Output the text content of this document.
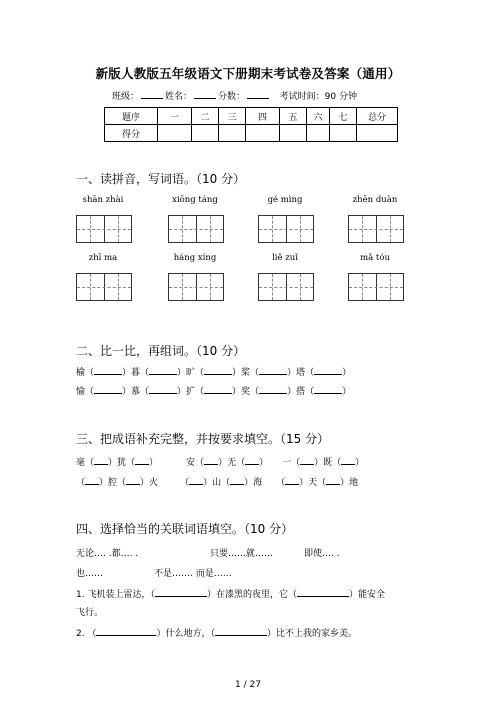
新版人教版五年级语文下册期末考试卷及答案（通用）
班级：	姓名：	分数：	考试时间：90 分钟
题序	一	二	三	四	五	六	七	总分
得分								
一、读拼音，写词语。（10 分）
shān zhài	xiōng táng	gé mìng	zhēn duàn
zhī ma	háng xíng	liě zuǐ	mǎ tóu
二、比一比，再组词。（10 分）
榆（	）暮（	）旷（	）桨（	）塔（	）
愉（	）慕（	）扩（	）奖（	）搭（	）
三、把成语补充完整，并按要求填空。（15 分）
毫（ ）犹（ ）	安（ ）无（ ） 一（ ）既（ ）
（ ）腔（ ）火 （ ）山（ ）海 （ ）天（ ）地
四、选择恰当的关联词语填空。（10 分）
无论…. .都…. .	只要……就……	即使…. .
也……	不是……. 而是……
1. 飞机装上雷达，（	）在漆黑的夜里，它（	）能安全
飞行。
2. （	）什么地方，（	）比不上我的家乡美。
1 / 27
